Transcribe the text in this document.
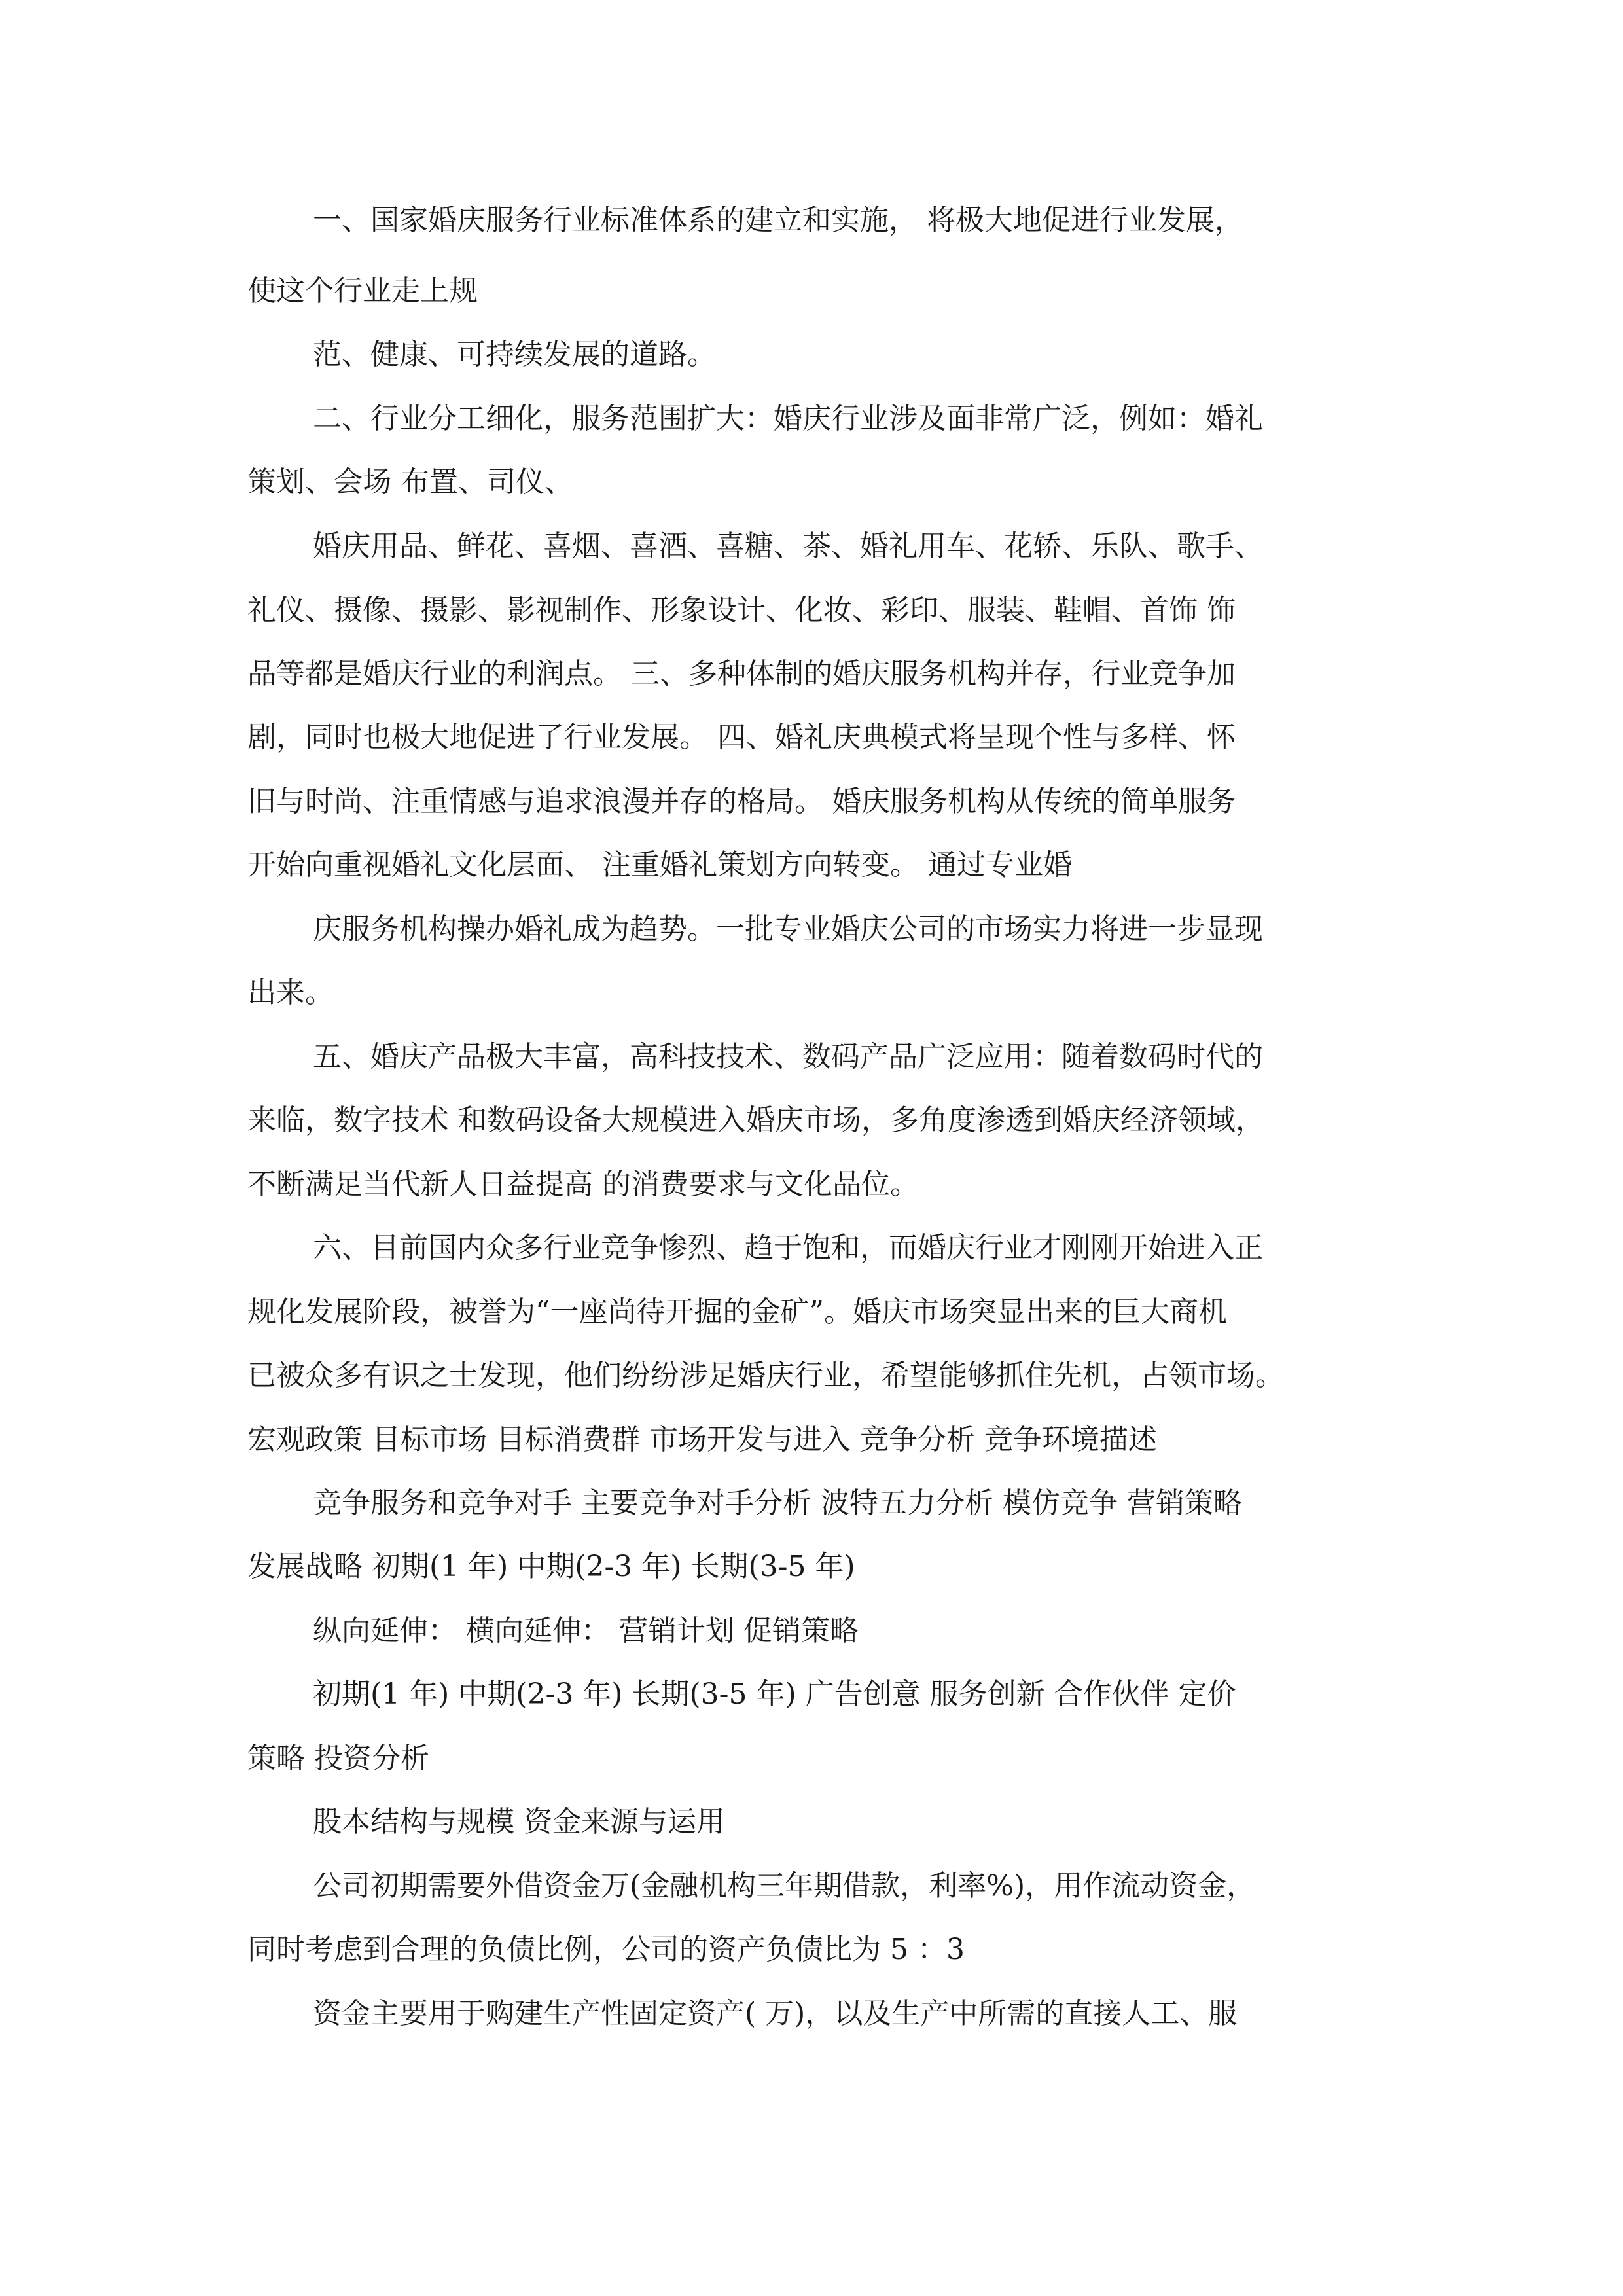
一、国家婚庆服务行业标准体系的建立和实施， 将极大地促进行业发展，
使这个行业走上规
范、健康、可持续发展的道路。
二、行业分工细化，服务范围扩大：婚庆行业涉及面非常广泛，例如：婚礼
策划、会场 布置、司仪、
婚庆用品、鲜花、喜烟、喜酒、喜糖、茶、婚礼用车、花轿、乐队、歌手、
礼仪、摄像、摄影、影视制作、形象设计、化妆、彩印、服装、鞋帽、首饰 饰
品等都是婚庆行业的利润点。 三、多种体制的婚庆服务机构并存，行业竞争加
剧，同时也极大地促进了行业发展。 四、婚礼庆典模式将呈现个性与多样、怀
旧与时尚、注重情感与追求浪漫并存的格局。 婚庆服务机构从传统的简单服务
开始向重视婚礼文化层面、 注重婚礼策划方向转变。 通过专业婚
庆服务机构操办婚礼成为趋势。一批专业婚庆公司的市场实力将进一步显现
出来。
五、婚庆产品极大丰富，高科技技术、数码产品广泛应用：随着数码时代的
来临，数字技术 和数码设备大规模进入婚庆市场，多角度渗透到婚庆经济领域，
不断满足当代新人日益提高 的消费要求与文化品位。
六、目前国内众多行业竞争惨烈、趋于饱和，而婚庆行业才刚刚开始进入正
规化发展阶段，被誉为“一座尚待开掘的金矿”。婚庆市场突显出来的巨大商机
已被众多有识之士发现，他们纷纷涉足婚庆行业，希望能够抓住先机，占领市场。
宏观政策 目标市场 目标消费群 市场开发与进入 竞争分析 竞争环境描述
竞争服务和竞争对手 主要竞争对手分析 波特五力分析 模仿竞争 营销策略
发展战略 初期(1 年) 中期(2-3 年) 长期(3-5 年)
纵向延伸： 横向延伸： 营销计划 促销策略
初期(1 年) 中期(2-3 年) 长期(3-5 年) 广告创意 服务创新 合作伙伴 定价
策略 投资分析
股本结构与规模 资金来源与运用
公司初期需要外借资金万(金融机构三年期借款，利率%)，用作流动资金，
同时考虑到合理的负债比例，公司的资产负债比为 5 ：3
资金主要用于购建生产性固定资产( 万)，以及生产中所需的直接人工、服
